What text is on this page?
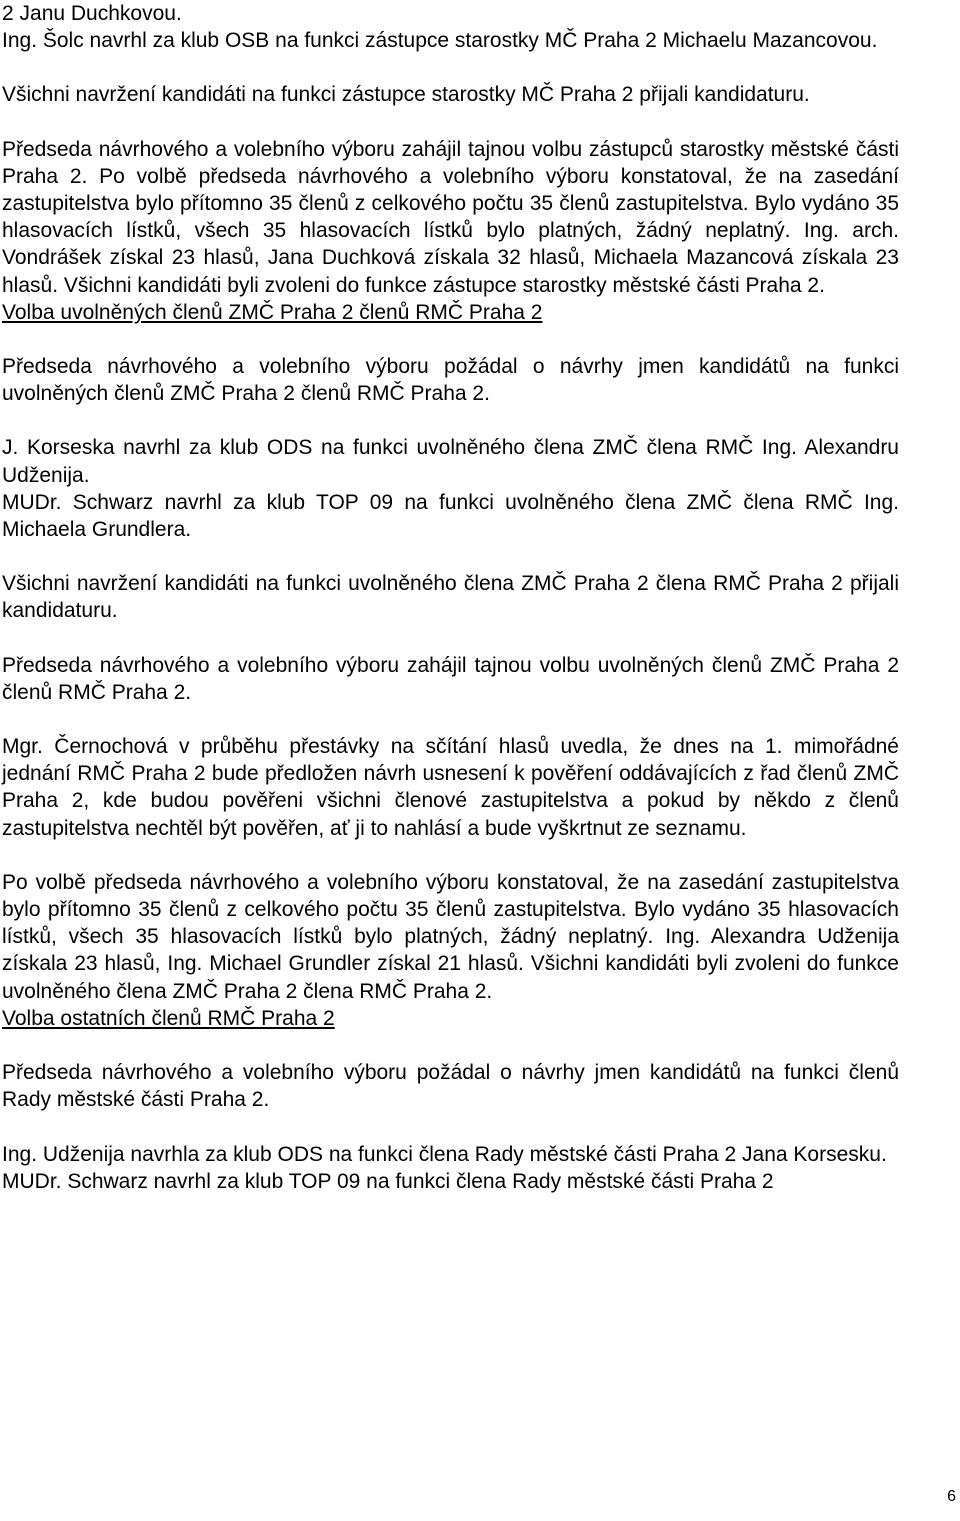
2 Janu Duchkovou.
Ing. Šolc navrhl za klub OSB na funkci zástupce starostky MČ Praha 2 Michaelu Mazancovou.

Všichni navržení kandidáti na funkci zástupce starostky MČ Praha 2 přijali kandidaturu.

Předseda návrhového a volebního výboru zahájil tajnou volbu zástupců starostky městské části Praha 2. Po volbě předseda návrhového a volebního výboru konstatoval, že na zasedání zastupitelstva bylo přítomno 35 členů z celkového počtu 35 členů zastupitelstva. Bylo vydáno 35 hlasovacích lístků, všech 35 hlasovacích lístků bylo platných, žádný neplatný. Ing. arch. Vondrášek získal 23 hlasů, Jana Duchková získala 32 hlasů, Michaela Mazancová získala 23 hlasů. Všichni kandidáti byli zvoleni do funkce zástupce starostky městské části Praha 2.

Volba uvolněných členů ZMČ Praha 2 členů RMČ Praha 2

Předseda návrhového a volebního výboru požádal o návrhy jmen kandidátů na funkci uvolněných členů ZMČ Praha 2 členů RMČ Praha 2.

J. Korseska navrhl za klub ODS na funkci uvolněného člena ZMČ člena RMČ Ing. Alexandru Udženija.
MUDr. Schwarz navrhl za klub TOP 09 na funkci uvolněného člena ZMČ člena RMČ Ing. Michaela Grundlera.

Všichni navržení kandidáti na funkci uvolněného člena ZMČ Praha 2 člena RMČ Praha 2 přijali kandidaturu.

Předseda návrhového a volebního výboru zahájil tajnou volbu uvolněných členů ZMČ Praha 2 členů RMČ Praha 2.

Mgr. Černochová v průběhu přestávky na sčítání hlasů uvedla, že dnes na 1. mimořádné jednání RMČ Praha 2 bude předložen návrh usnesení k pověření oddávajících z řad členů ZMČ Praha 2, kde budou pověřeni všichni členové zastupitelstva a pokud by někdo z členů zastupitelstva nechtěl být pověřen, ať ji to nahlásí a bude vyškrtnut ze seznamu.

Po volbě předseda návrhového a volebního výboru konstatoval, že na zasedání zastupitelstva bylo přítomno 35 členů z celkového počtu 35 členů zastupitelstva. Bylo vydáno 35 hlasovacích lístků, všech 35 hlasovacích lístků bylo platných, žádný neplatný. Ing. Alexandra Udženija získala 23 hlasů, Ing. Michael Grundler získal 21 hlasů. Všichni kandidáti byli zvoleni do funkce uvolněného člena ZMČ Praha 2 člena RMČ Praha 2.

Volba ostatních členů RMČ Praha 2

Předseda návrhového a volebního výboru požádal o návrhy jmen kandidátů na funkci členů Rady městské části Praha 2.

Ing. Udženija navrhla za klub ODS na funkci člena Rady městské části Praha 2 Jana Korsesku.

MUDr. Schwarz navrhl za klub TOP 09 na funkci člena Rady městské části Praha 2

6
